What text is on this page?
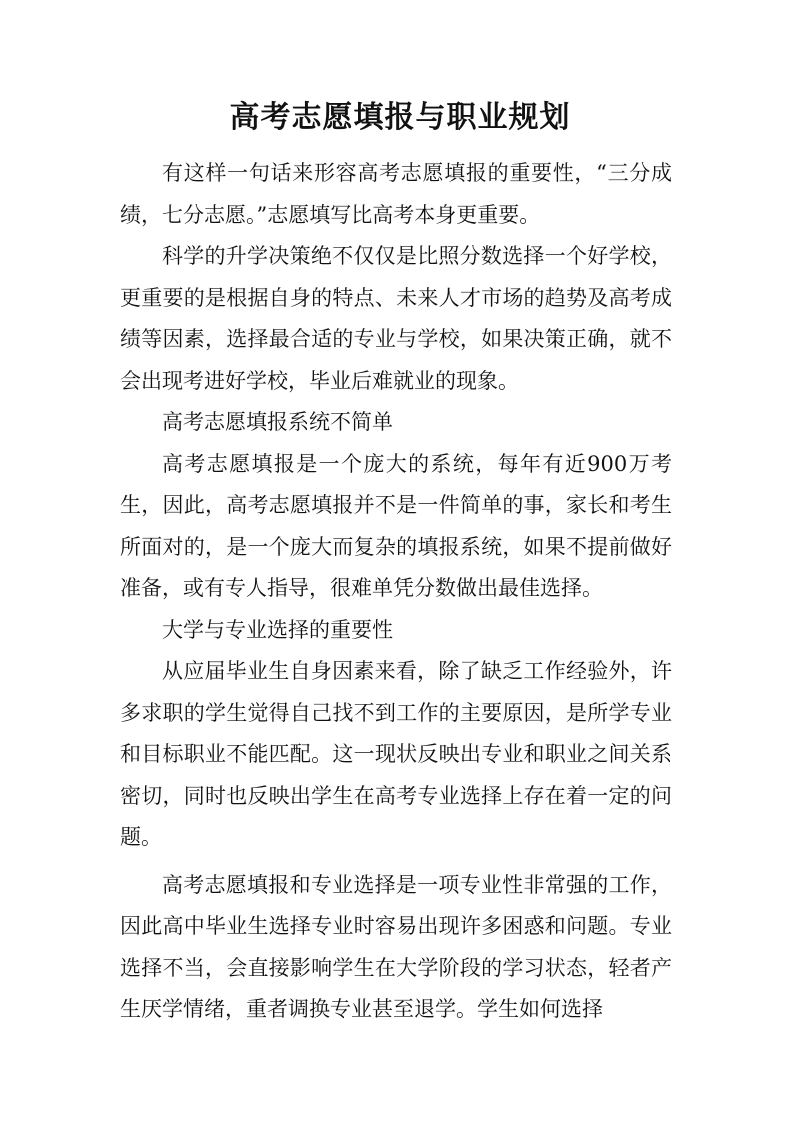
高考志愿填报与职业规划

有这样一句话来形容高考志愿填报的重要性，“三分成绩，七分志愿。”志愿填写比高考本身更重要。

科学的升学决策绝不仅仅是比照分数选择一个好学校，更重要的是根据自身的特点、未来人才市场的趋势及高考成绩等因素，选择最合适的专业与学校，如果决策正确，就不会出现考进好学校，毕业后难就业的现象。

高考志愿填报系统不简单

高考志愿填报是一个庞大的系统，每年有近900万考生，因此，高考志愿填报并不是一件简单的事，家长和考生所面对的，是一个庞大而复杂的填报系统，如果不提前做好准备，或有专人指导，很难单凭分数做出最佳选择。

大学与专业选择的重要性

从应届毕业生自身因素来看，除了缺乏工作经验外，许多求职的学生觉得自己找不到工作的主要原因，是所学专业和目标职业不能匹配。这一现状反映出专业和职业之间关系密切，同时也反映出学生在高考专业选择上存在着一定的问题。

高考志愿填报和专业选择是一项专业性非常强的工作，因此高中毕业生选择专业时容易出现许多困惑和问题。专业选择不当，会直接影响学生在大学阶段的学习状态，轻者产生厌学情绪，重者调换专业甚至退学。学生如何选择
